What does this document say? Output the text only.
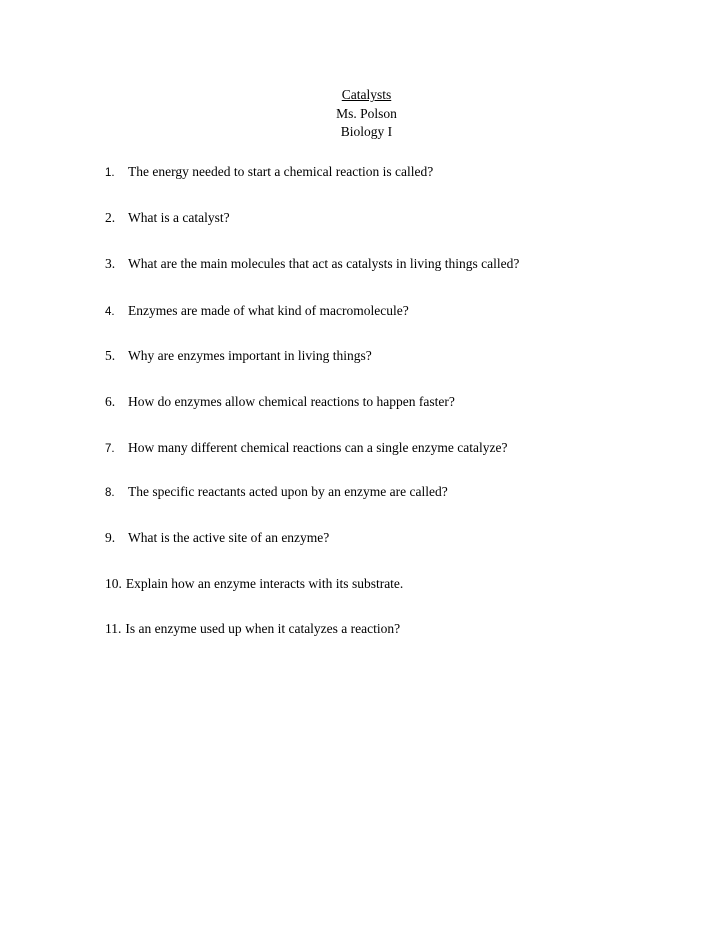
Catalysts
Ms. Polson
Biology I
1. The energy needed to start a chemical reaction is called?
2. What is a catalyst?
3. What are the main molecules that act as catalysts in living things called?
4. Enzymes are made of what kind of macromolecule?
5. Why are enzymes important in living things?
6. How do enzymes allow chemical reactions to happen faster?
7. How many different chemical reactions can a single enzyme catalyze?
8. The specific reactants acted upon by an enzyme are called?
9. What is the active site of an enzyme?
10. Explain how an enzyme interacts with its substrate.
11. Is an enzyme used up when it catalyzes a reaction?
